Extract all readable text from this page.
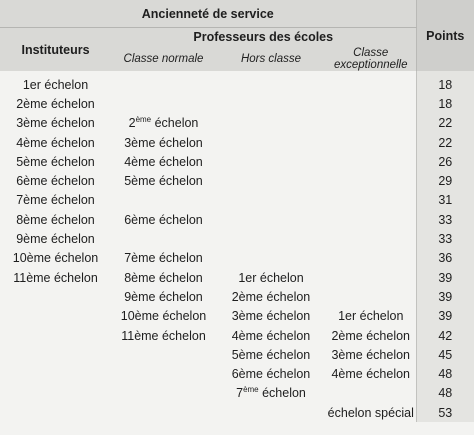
Ancienneté de service				Points
Instituteurs	Professeurs des écoles			
	Classe normale	Hors classe	Classe exceptionnelle	
1er échelon				18
2ème échelon				18
3ème échelon	2ème échelon			22
4ème échelon	3ème échelon			22
5ème échelon	4ème échelon			26
6ème échelon	5ème échelon			29
7ème échelon				31
8ème échelon	6ème échelon			33
9ème échelon				33
10ème échelon	7ème échelon			36
11ème échelon	8ème échelon	1er échelon		39
	9ème échelon	2ème échelon		39
	10ème échelon	3ème échelon	1er échelon	39
	11ème échelon	4ème échelon	2ème échelon	42
		5ème échelon	3ème échelon	45
		6ème échelon	4ème échelon	48
		7ème échelon		48
			échelon spécial	53
